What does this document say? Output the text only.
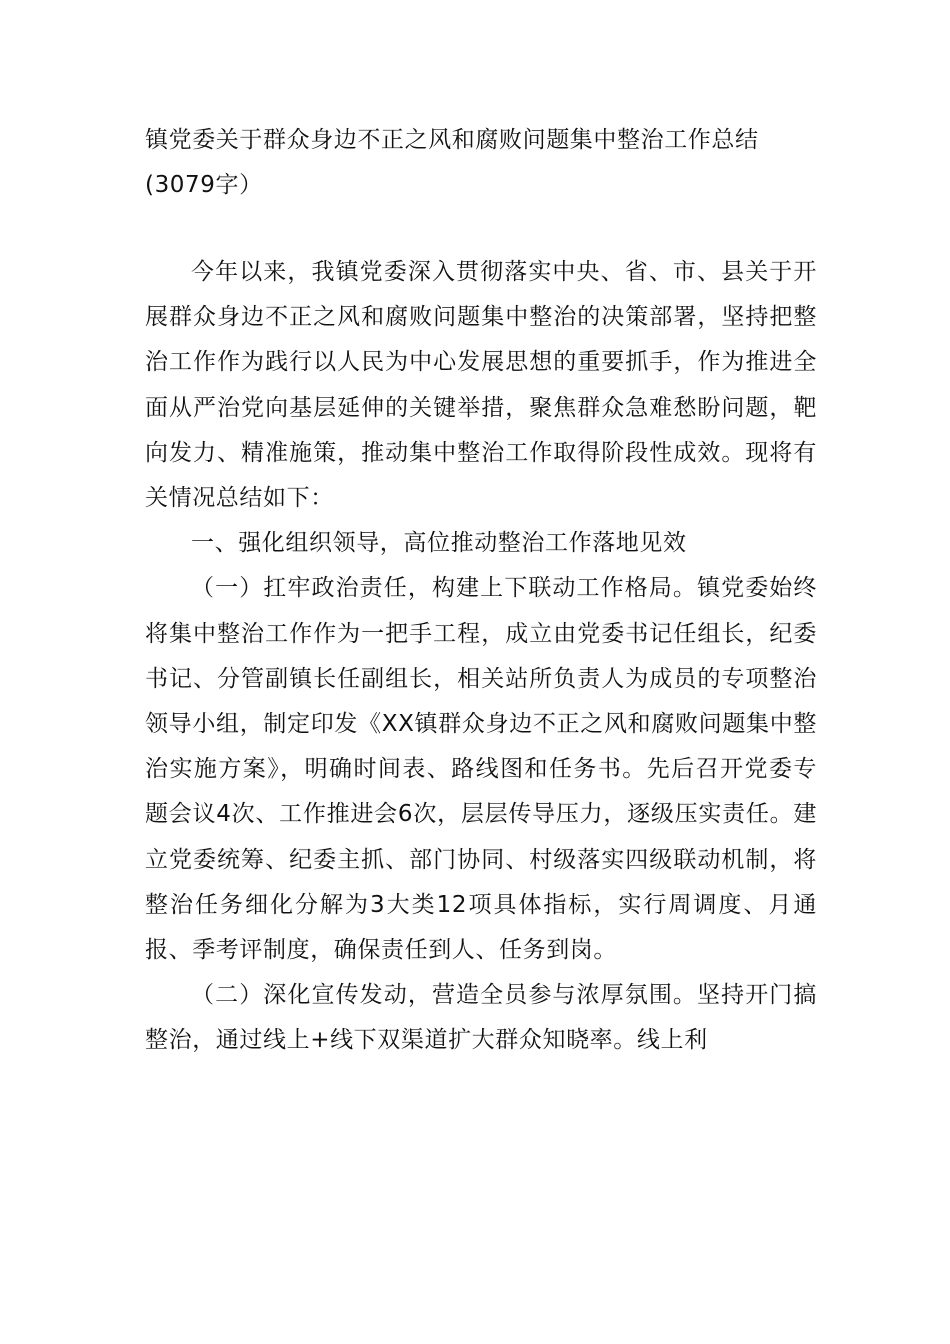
镇党委关于群众身边不正之风和腐败问题集中整治工作总结(3079字）

今年以来，我镇党委深入贯彻落实中央、省、市、县关于开展群众身边不正之风和腐败问题集中整治的决策部署，坚持把整治工作作为践行以人民为中心发展思想的重要抓手，作为推进全面从严治党向基层延伸的关键举措，聚焦群众急难愁盼问题，靶向发力、精准施策，推动集中整治工作取得阶段性成效。现将有关情况总结如下：

一、强化组织领导，高位推动整治工作落地见效

（一）扛牢政治责任，构建上下联动工作格局。镇党委始终将集中整治工作作为一把手工程，成立由党委书记任组长，纪委书记、分管副镇长任副组长，相关站所负责人为成员的专项整治领导小组，制定印发《XX镇群众身边不正之风和腐败问题集中整治实施方案》，明确时间表、路线图和任务书。先后召开党委专题会议4次、工作推进会6次，层层传导压力，逐级压实责任。建立党委统筹、纪委主抓、部门协同、村级落实四级联动机制，将整治任务细化分解为3大类12项具体指标，实行周调度、月通报、季考评制度，确保责任到人、任务到岗。

（二）深化宣传发动，营造全员参与浓厚氛围。坚持开门搞整治，通过线上+线下双渠道扩大群众知晓率。线上利
